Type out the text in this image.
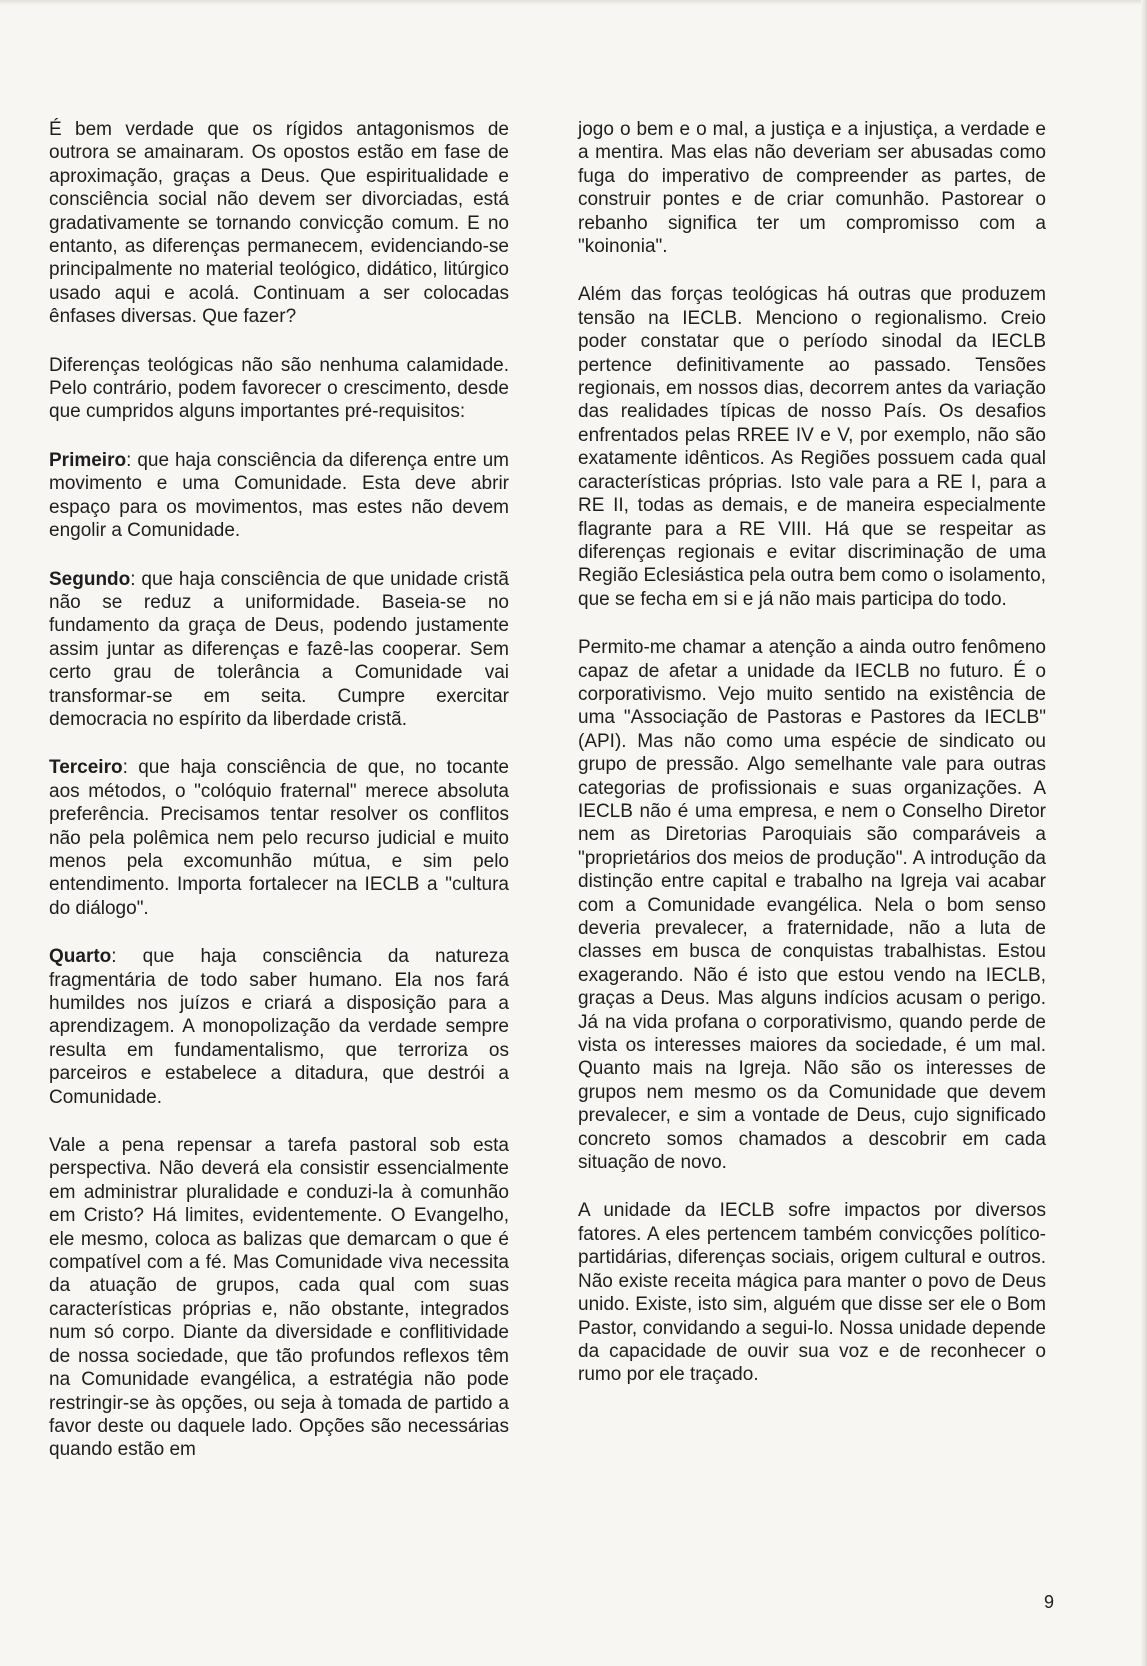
É bem verdade que os rígidos antagonismos de outrora se amainaram. Os opostos estão em fase de aproximação, graças a Deus. Que espiritualidade e consciência social não devem ser divorciadas, está gradativamente se tornando convicção comum. E no entanto, as diferenças permanecem, evidenciando-se principalmente no material teológico, didático, litúrgico usado aqui e acolá. Continuam a ser colocadas ênfases diversas. Que fazer?

Diferenças teológicas não são nenhuma calamidade. Pelo contrário, podem favorecer o crescimento, desde que cumpridos alguns importantes pré-requisitos:

Primeiro: que haja consciência da diferença entre um movimento e uma Comunidade. Esta deve abrir espaço para os movimentos, mas estes não devem engolir a Comunidade.

Segundo: que haja consciência de que unidade cristã não se reduz a uniformidade. Baseia-se no fundamento da graça de Deus, podendo justamente assim juntar as diferenças e fazê-las cooperar. Sem certo grau de tolerância a Comunidade vai transformar-se em seita. Cumpre exercitar democracia no espírito da liberdade cristã.

Terceiro: que haja consciência de que, no tocante aos métodos, o "colóquio fraternal" merece absoluta preferência. Precisamos tentar resolver os conflitos não pela polêmica nem pelo recurso judicial e muito menos pela excomunhão mútua, e sim pelo entendimento. Importa fortalecer na IECLB a "cultura do diálogo".

Quarto: que haja consciência da natureza fragmentária de todo saber humano. Ela nos fará humildes nos juízos e criará a disposição para a aprendizagem. A monopolização da verdade sempre resulta em fundamentalismo, que terroriza os parceiros e estabelece a ditadura, que destrói a Comunidade.

Vale a pena repensar a tarefa pastoral sob esta perspectiva. Não deverá ela consistir essencialmente em administrar pluralidade e conduzi-la à comunhão em Cristo? Há limites, evidentemente. O Evangelho, ele mesmo, coloca as balizas que demarcam o que é compatível com a fé. Mas Comunidade viva necessita da atuação de grupos, cada qual com suas características próprias e, não obstante, integrados num só corpo. Diante da diversidade e conflitividade de nossa sociedade, que tão profundos reflexos têm na Comunidade evangélica, a estratégia não pode restringir-se às opções, ou seja à tomada de partido a favor deste ou daquele lado. Opções são necessárias quando estão em

jogo o bem e o mal, a justiça e a injustiça, a verdade e a mentira. Mas elas não deveriam ser abusadas como fuga do imperativo de compreender as partes, de construir pontes e de criar comunhão. Pastorear o rebanho significa ter um compromisso com a "koinonia".

Além das forças teológicas há outras que produzem tensão na IECLB. Menciono o regionalismo. Creio poder constatar que o período sinodal da IECLB pertence definitivamente ao passado. Tensões regionais, em nossos dias, decorrem antes da variação das realidades típicas de nosso País. Os desafios enfrentados pelas RREE IV e V, por exemplo, não são exatamente idênticos. As Regiões possuem cada qual características próprias. Isto vale para a RE I, para a RE II, todas as demais, e de maneira especialmente flagrante para a RE VIII. Há que se respeitar as diferenças regionais e evitar discriminação de uma Região Eclesiástica pela outra bem como o isolamento, que se fecha em si e já não mais participa do todo.

Permito-me chamar a atenção a ainda outro fenômeno capaz de afetar a unidade da IECLB no futuro. É o corporativismo. Vejo muito sentido na existência de uma "Associação de Pastoras e Pastores da IECLB" (API). Mas não como uma espécie de sindicato ou grupo de pressão. Algo semelhante vale para outras categorias de profissionais e suas organizações. A IECLB não é uma empresa, e nem o Conselho Diretor nem as Diretorias Paroquiais são comparáveis a "proprietários dos meios de produção". A introdução da distinção entre capital e trabalho na Igreja vai acabar com a Comunidade evangélica. Nela o bom senso deveria prevalecer, a fraternidade, não a luta de classes em busca de conquistas trabalhistas. Estou exagerando. Não é isto que estou vendo na IECLB, graças a Deus. Mas alguns indícios acusam o perigo. Já na vida profana o corporativismo, quando perde de vista os interesses maiores da sociedade, é um mal. Quanto mais na Igreja. Não são os interesses de grupos nem mesmo os da Comunidade que devem prevalecer, e sim a vontade de Deus, cujo significado concreto somos chamados a descobrir em cada situação de novo.

A unidade da IECLB sofre impactos por diversos fatores. A eles pertencem também convicções político-partidárias, diferenças sociais, origem cultural e outros. Não existe receita mágica para manter o povo de Deus unido. Existe, isto sim, alguém que disse ser ele o Bom Pastor, convidando a segui-lo. Nossa unidade depende da capacidade de ouvir sua voz e de reconhecer o rumo por ele traçado.

9
